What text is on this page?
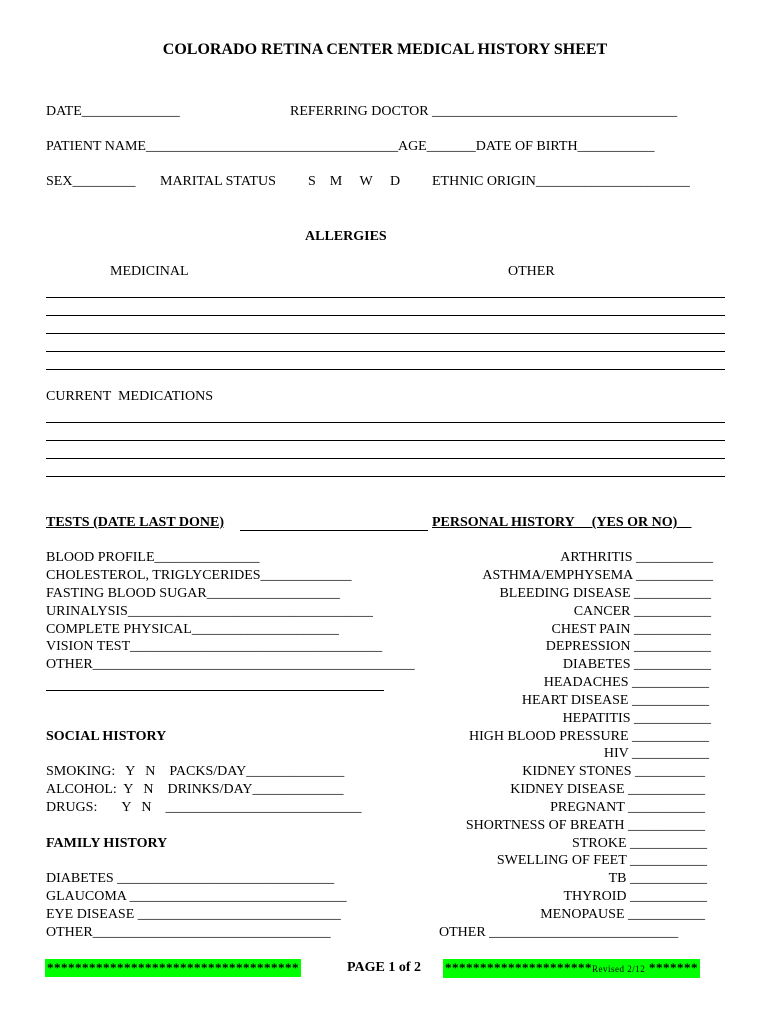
COLORADO RETINA CENTER MEDICAL HISTORY SHEET
DATE______________	REFERRING DOCTOR ___________________________________
PATIENT NAME____________________________________AGE_______DATE OF BIRTH___________
SEX_________ MARITAL STATUS S    M     W     D ETHNIC ORIGIN______________________
ALLERGIES
MEDICINAL	OTHER
CURRENT  MEDICATIONS
TESTS (DATE LAST DONE)	PERSONAL HISTORY __(YES OR NO)__
BLOOD PROFILE_______________
CHOLESTEROL, TRIGLYCERIDES_____________
FASTING BLOOD SUGAR___________________
URINALYSIS___________________________________
COMPLETE PHYSICAL_____________________
VISION TEST____________________________________
OTHER______________________________________________
ARTHRITIS ___________
ASTHMA/EMPHYSEMA ___________
BLEEDING DISEASE ___________
CANCER ___________
CHEST PAIN ___________
DEPRESSION ___________
DIABETES ___________
HEADACHES ___________
HEART DISEASE ___________
HEPATITIS ___________
HIGH BLOOD PRESSURE ___________
HIV ___________
KIDNEY STONES __________
KIDNEY DISEASE ___________
PREGNANT ___________
SHORTNESS OF BREATH ___________
STROKE ___________
SWELLING OF FEET ___________
TB ___________
THYROID ___________
MENOPAUSE ___________
OTHER ___________________________
SOCIAL HISTORY
SMOKING:   Y   N    PACKS/DAY______________
ALCOHOL:  Y   N    DRINKS/DAY_____________
DRUGS:       Y   N    ____________________________
FAMILY HISTORY
DIABETES _______________________________
GLAUCOMA _______________________________
EYE DISEASE _____________________________
OTHER__________________________________
************************************	PAGE 1 of 2 *********************Revised 2/12 *******
